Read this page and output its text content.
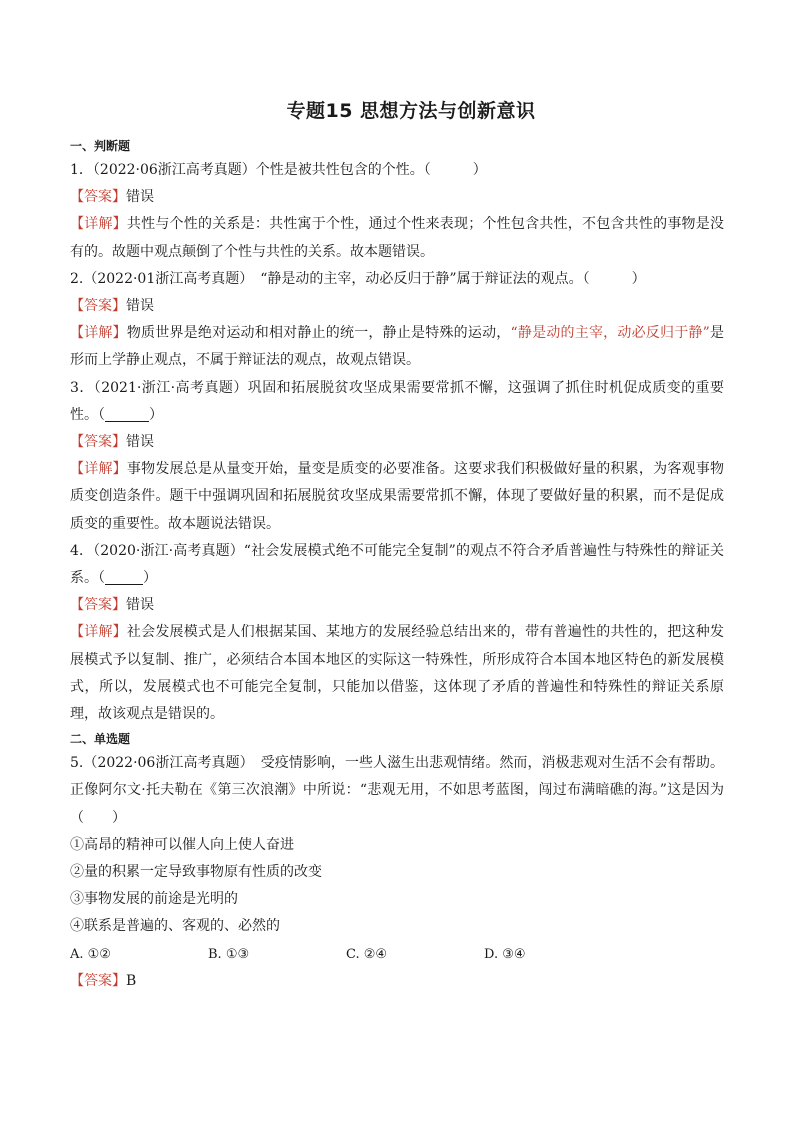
专题15 思想方法与创新意识
一、判断题
1．（2022·06浙江高考真题）个性是被共性包含的个性。（　　　）
【答案】错误
【详解】共性与个性的关系是：共性寓于个性，通过个性来表现；个性包含共性，不包含共性的事物是没有的。故题中观点颠倒了个性与共性的关系。故本题错误。
2.（2022·01浙江高考真题）　“静是动的主宰，动必反归于静”属于辩证法的观点。（　　　）
【答案】错误
【详解】物质世界是绝对运动和相对静止的统一，静止是特殊的运动，“静是动的主宰，动必反归于静”是形而上学静止观点，不属于辩证法的观点，故观点错误。
3．（2021·浙江·高考真题）巩固和拓展脱贫攻坚成果需要常抓不懈，这强调了抓住时机促成质变的重要性。（	）
【答案】错误
【详解】事物发展总是从量变开始，量变是质变的必要准备。这要求我们积极做好量的积累，为客观事物质变创造条件。题干中强调巩固和拓展脱贫攻坚成果需要常抓不懈，体现了要做好量的积累，而不是促成质变的重要性。故本题说法错误。
4．（2020·浙江·高考真题）“社会发展模式绝不可能完全复制”的观点不符合矛盾普遍性与特殊性的辩证关系。（	）
【答案】错误
【详解】社会发展模式是人们根据某国、某地方的发展经验总结出来的，带有普遍性的共性的，把这种发展模式予以复制、推广，必须结合本国本地区的实际这一特殊性，所形成符合本国本地区特色的新发展模式，所以，发展模式也不可能完全复制，只能加以借鉴，这体现了矛盾的普遍性和特殊性的辩证关系原理，故该观点是错误的。
二、单选题
5.（2022·06浙江高考真题）　受疫情影响，一些人滋生出悲观情绪。然而，消极悲观对生活不会有帮助。正像阿尔文·托夫勒在《第三次浪潮》中所说：“悲观无用，不如思考蓝图，闯过布满暗礁的海。”这是因为（　　）
①高昂的精神可以催人向上使人奋进
②量的积累一定导致事物原有性质的改变
③事物发展的前途是光明的
④联系是普遍的、客观的、必然的
A. ①②	B. ①③	C. ②④	D. ③④
【答案】B
